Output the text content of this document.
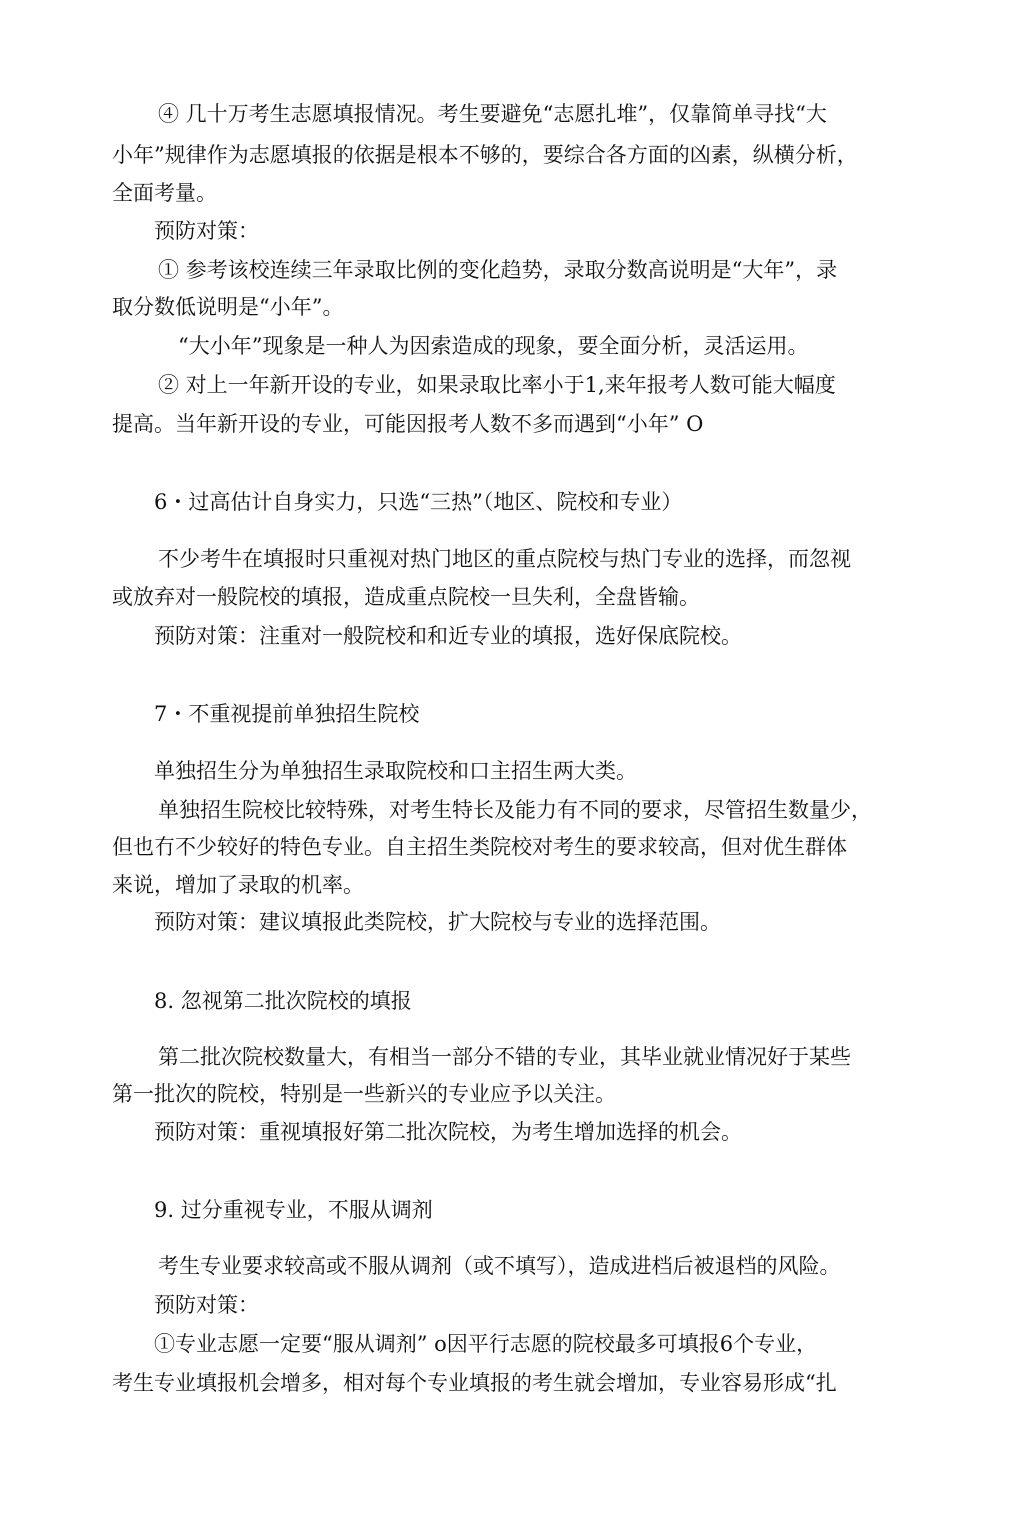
④ 几十万考生志愿填报情况。考生要避免“志愿扎堆”，仅靠简单寻找“大
小年”规律作为志愿填报的依据是根本不够的，要综合各方面的凶素，纵横分析，
全面考量。
预防对策：
① 参考该校连续三年录取比例的变化趋势，录取分数高说明是“大年”，录
取分数低说明是“小年”。
“大小年”现象是一种人为因索造成的现象，要全面分析，灵活运用。
② 对上一年新开设的专业，如果录取比率小于1,来年报考人数可能大幅度
提高。当年新开设的专业，可能因报考人数不多而遇到“小年” O
6・过高估计自身实力，只选“三热”（地区、院校和专业）
不少考牛在填报时只重视对热门地区的重点院校与热门专业的选择，而忽视
或放弃对一般院校的填报，造成重点院校一旦失利，全盘皆输。
预防对策：注重对一般院校和和近专业的填报，选好保底院校。
7・不重视提前单独招生院校
单独招生分为单独招生录取院校和口主招生两大类。
单独招生院校比较特殊，对考生特长及能力有不同的要求，尽管招生数量少，
但也冇不少较好的特色专业。自主招生类院校对考生的要求较高，但对优生群体
来说，增加了录取的机率。
预防对策：建议填报此类院校，扩大院校与专业的选择范围。
8. 忽视第二批次院校的填报
第二批次院校数量大，有相当一部分不错的专业，其毕业就业情况好于某些
第一批次的院校，特别是一些新兴的专业应予以关注。
预防对策：重视填报好第二批次院校，为考生增加选择的机会。
9. 过分重视专业，不服从调剂
考生专业要求较高或不服从调剂（或不填写），造成进档后被退档的风险。
预防对策：
①专业志愿一定要“服从调剂” o因平行志愿的院校最多可填报6个专业，
考生专业填报机会增多，相对每个专业填报的考生就会增加，专业容易形成“扎
